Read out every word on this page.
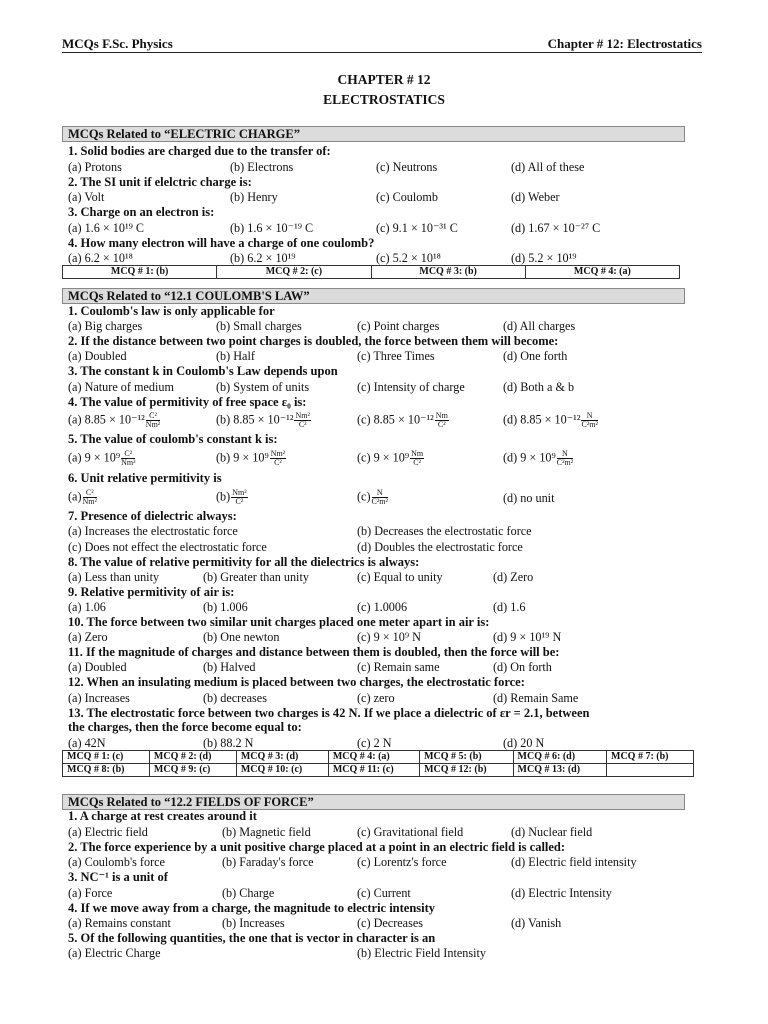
MCQs F.Sc. Physics	Chapter # 12: Electrostatics
CHAPTER # 12
ELECTROSTATICS
MCQs Related to “ELECTRIC CHARGE”
1. Solid bodies are charged due to the transfer of:
(a) Protons	(b) Electrons	(c) Neutrons	(d) All of these
2. The SI unit if elelctric charge is:
(a) Volt	(b) Henry	(c) Coulomb	(d) Weber
3. Charge on an electron is:
(a) 1.6 × 10¹⁹ C	(b) 1.6 × 10⁻¹⁹ C	(c) 9.1 × 10⁻³¹ C	(d) 1.67 × 10⁻²⁷ C
4. How many electron will have a charge of one coulomb?
(a) 6.2 × 10¹⁸	(b) 6.2 × 10¹⁹	(c) 5.2 × 10¹⁸	(d) 5.2 × 10¹⁹
MCQ # 1: (b)	MCQ # 2: (c)	MCQ # 3: (b)	MCQ # 4: (a)
MCQs Related to “12.1 COULOMB'S LAW”
1. Coulomb's law is only applicable for
(a) Big charges	(b) Small charges	(c) Point charges	(d) All charges
2. If the distance between two point charges is doubled, the force between them will become:
(a) Doubled	(b) Half	(c) Three Times	(d) One forth
3. The constant k in Coulomb's Law depends upon
(a) Nature of medium	(b) System of units	(c) Intensity of charge	(d) Both a & b
4. The value of permitivity of free space ε₀ is:
(a) $8.85 \times 10^{-12} \frac{\text{C²}}{\text{Nm²}}$	(b) $8.85 \times 10^{-12} \frac{\text{Nm²}}{\text{C²}}$	(c) $8.85 \times 10^{-12} \frac{Nm}{\text{C²}}$	(d) $8.85 \times 10^{-12} \frac{N}{\text{C²m²}}$
5. The value of coulomb's constant k is:
(a) $9 \times 10^9 \frac{\text{C²}}{\text{Nm²}}$	(b) $9 \times 10^9 \frac{\text{Nm²}}{\text{C²}}$	(c) $9 \times 10^9 \frac{Nm}{\text{C²}}$	(d) $9 \times 10^9 \frac{N}{\text{C²m²}}$
6. Unit relative permitivity is
$(a) \frac{\text{C²}}{\text{Nm²}}$	$(b) \frac{\text{Nm²}}{\text{C²}}$	$(c) \frac{N}{\text{C²m²}}$	(d) no unit
7. Presence of dielectric always:
(a) Increases the electrostatic force	(b) Decreases the electrostatic force
(c) Does not effect the electrostatic force	(d) Doubles the electrostatic force
8. The value of relative permitivity for all the dielectrics is always:
(a) Less than unity	(b) Greater than unity	(c) Equal to unity	(d) Zero
9. Relative permitivity of air is:
(a) 1.06	(b) 1.006	(c) 1.0006	(d) 1.6
10. The force between two similar unit charges placed one meter apart in air is:
(a) Zero	(b) One newton	(c) 9 × 10⁹ N	(d) 9 × 10¹⁹ N
11. If the magnitude of charges and distance between them is doubled, then the force will be:
(a) Doubled	(b) Halved	(c) Remain same	(d) On forth
12. When an insulating medium is placed between two charges, the electrostatic force:
(a) Increases	(b) decreases	(c) zero	(d) Remain Same
13. The electrostatic force between two charges is 42 N. If we place a dielectric of εr = 2.1, between
the charges, then the force become equal to:
(a) 42N	(b) 88.2 N	(c) 2 N	(d) 20 N
MCQ # 1: (c)	MCQ # 2: (d)	MCQ # 3: (d)	MCQ # 4: (a)	MCQ # 5: (b)	MCQ # 6: (d)	MCQ # 7: (b)
MCQ # 8: (b)	MCQ # 9: (c)	MCQ # 10: (c)	MCQ # 11: (c)	MCQ # 12: (b)	MCQ # 13: (d)	
MCQs Related to “12.2 FIELDS OF FORCE”
1. A charge at rest creates around it
(a) Electric field	(b) Magnetic field	(c) Gravitational field	(d) Nuclear field
2. The force experience by a unit positive charge placed at a point in an electric field is called:
(a) Coulomb's force	(b) Faraday's force	(c) Lorentz's force	(d) Electric field intensity
3. NC⁻¹ is a unit of
(a) Force	(b) Charge	(c) Current	(d) Electric Intensity
4. If we move away from a charge, the magnitude to electric intensity
(a) Remains constant	(b) Increases	(c) Decreases	(d) Vanish
5. Of the following quantities, the one that is vector in character is an
(a) Electric Charge	(b) Electric Field Intensity
